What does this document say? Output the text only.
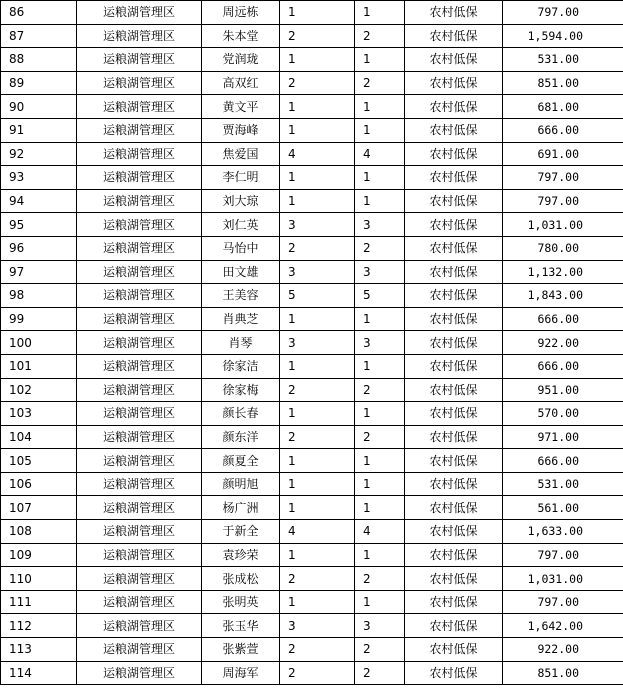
86	运粮湖管理区	周远栋	1	1	农村低保	797.00
87	运粮湖管理区	朱本堂	2	2	农村低保	1,594.00
88	运粮湖管理区	党润珑	1	1	农村低保	531.00
89	运粮湖管理区	高双红	2	2	农村低保	851.00
90	运粮湖管理区	黄文平	1	1	农村低保	681.00
91	运粮湖管理区	贾海峰	1	1	农村低保	666.00
92	运粮湖管理区	焦爱国	4	4	农村低保	691.00
93	运粮湖管理区	李仁明	1	1	农村低保	797.00
94	运粮湖管理区	刘大琼	1	1	农村低保	797.00
95	运粮湖管理区	刘仁英	3	3	农村低保	1,031.00
96	运粮湖管理区	马怡中	2	2	农村低保	780.00
97	运粮湖管理区	田文雄	3	3	农村低保	1,132.00
98	运粮湖管理区	王美容	5	5	农村低保	1,843.00
99	运粮湖管理区	肖典芝	1	1	农村低保	666.00
100	运粮湖管理区	肖琴	3	3	农村低保	922.00
101	运粮湖管理区	徐家洁	1	1	农村低保	666.00
102	运粮湖管理区	徐家梅	2	2	农村低保	951.00
103	运粮湖管理区	颜长春	1	1	农村低保	570.00
104	运粮湖管理区	颜东洋	2	2	农村低保	971.00
105	运粮湖管理区	颜夏全	1	1	农村低保	666.00
106	运粮湖管理区	颜明旭	1	1	农村低保	531.00
107	运粮湖管理区	杨广洲	1	1	农村低保	561.00
108	运粮湖管理区	于新全	4	4	农村低保	1,633.00
109	运粮湖管理区	袁珍荣	1	1	农村低保	797.00
110	运粮湖管理区	张成松	2	2	农村低保	1,031.00
111	运粮湖管理区	张明英	1	1	农村低保	797.00
112	运粮湖管理区	张玉华	3	3	农村低保	1,642.00
113	运粮湖管理区	张紫萱	2	2	农村低保	922.00
114	运粮湖管理区	周海军	2	2	农村低保	851.00
